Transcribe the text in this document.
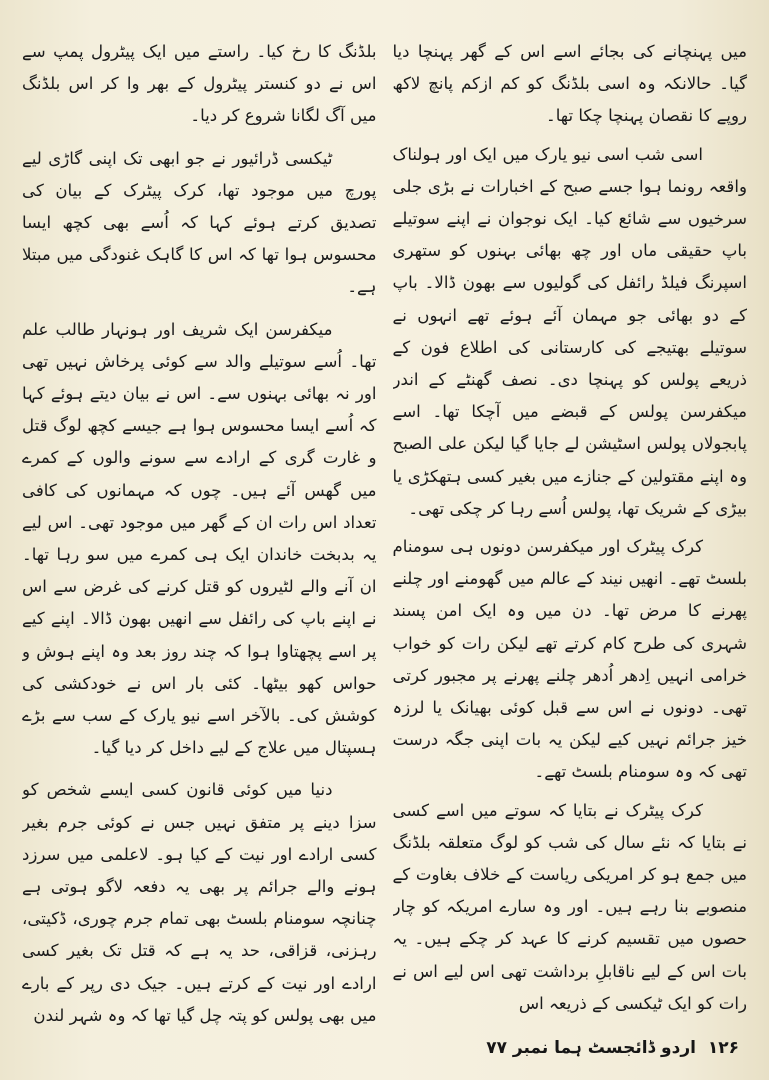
میں پہنچانے کی بجائے اسے اس کے گھر پہنچا دیا گیا۔ حالانکہ وہ اسی بلڈنگ کو کم ازکم پانچ لاکھ روپے کا نقصان پہنچا چکا تھا۔

اسی شب اسی نیو یارک میں ایک اور ہولناک واقعہ رونما ہوا جسے صبح کے اخبارات نے بڑی جلی سرخیوں سے شائع کیا۔ ایک نوجوان نے اپنے سوتیلے باپ حقیقی ماں اور چھ بھائی بہنوں کو ستھری اسپرنگ فیلڈ رائفل کی گولیوں سے بھون ڈالا۔ باپ کے دو بھائی جو مہمان آئے ہوئے تھے انہوں نے سوتیلے بھتیجے کی کارستانی کی اطلاع فون کے ذریعے پولس کو پہنچا دی۔ نصف گھنٹے کے اندر میکفرسن پولس کے قبضے میں آچکا تھا۔ اسے پابجولاں پولس اسٹیشن لے جایا گیا لیکن علی الصبح وہ اپنے مقتولین کے جنازے میں بغیر کسی ہتھکڑی یا بیڑی کے شریک تھا، پولس اُسے رہا کر چکی تھی۔

کرک پیٹرک اور میکفرسن دونوں ہی سومنام بلسٹ تھے۔ انھیں نیند کے عالم میں گھومنے اور چلنے پھرنے کا مرض تھا۔ دن میں وہ ایک امن پسند شہری کی طرح کام کرتے تھے لیکن رات کو خواب خرامی انہیں اِدھر اُدھر چلنے پھرنے پر مجبور کرتی تھی۔ دونوں نے اس سے قبل کوئی بھیانک یا لرزہ خیز جرائم نہیں کیے لیکن یہ بات اپنی جگہ درست تھی کہ وہ سومنام بلسٹ تھے۔

کرک پیٹرک نے بتایا کہ سوتے میں اسے کسی نے بتایا کہ نئے سال کی شب کو لوگ متعلقہ بلڈنگ میں جمع ہو کر امریکی ریاست کے خلاف بغاوت کے منصوبے بنا رہے ہیں۔ اور وہ سارے امریکہ کو چار حصوں میں تقسیم کرنے کا عہد کر چکے ہیں۔ یہ بات اس کے لیے ناقابلِ برداشت تھی اس لیے اس نے رات کو ایک ٹیکسی کے ذریعہ اس

بلڈنگ کا رخ کیا۔ راستے میں ایک پیٹرول پمپ سے اس نے دو کنستر پیٹرول کے بھر وا کر اس بلڈنگ میں آگ لگانا شروع کر دیا۔

ٹیکسی ڈرائیور نے جو ابھی تک اپنی گاڑی لیے پورچ میں موجود تھا، کرک پیٹرک کے بیان کی تصدیق کرتے ہوئے کہا کہ اُسے بھی کچھ ایسا محسوس ہوا تھا کہ اس کا گاہک غنودگی میں مبتلا ہے۔

میکفرسن ایک شریف اور ہونہار طالب علم تھا۔ اُسے سوتیلے والد سے کوئی پرخاش نہیں تھی اور نہ بھائی بہنوں سے۔ اس نے بیان دیتے ہوئے کہا کہ اُسے ایسا محسوس ہوا ہے جیسے کچھ لوگ قتل و غارت گری کے ارادے سے سونے والوں کے کمرے میں گھس آئے ہیں۔ چوں کہ مہمانوں کی کافی تعداد اس رات ان کے گھر میں موجود تھی۔ اس لیے یہ بدبخت خاندان ایک ہی کمرے میں سو رہا تھا۔ ان آنے والے لٹیروں کو قتل کرنے کی غرض سے اس نے اپنے باپ کی رائفل سے انھیں بھون ڈالا۔ اپنے کیے پر اسے پچھتاوا ہوا کہ چند روز بعد وہ اپنے ہوش و حواس کھو بیٹھا۔ کئی بار اس نے خودکشی کی کوشش کی۔ بالآخر اسے نیو یارک کے سب سے بڑے ہسپتال میں علاج کے لیے داخل کر دیا گیا۔

دنیا میں کوئی قانون کسی ایسے شخص کو سزا دینے پر متفق نہیں جس نے کوئی جرم بغیر کسی ارادے اور نیت کے کیا ہو۔ لاعلمی میں سرزد ہونے والے جرائم پر بھی یہ دفعہ لاگو ہوتی ہے چنانچہ سومنام بلسٹ بھی تمام جرم چوری، ڈکیتی، رہزنی، قزاقی، حد یہ ہے کہ قتل تک بغیر کسی ارادے اور نیت کے کرتے ہیں۔ جیک دی رپر کے بارے میں بھی پولس کو پتہ چل گیا تھا کہ وہ شہر لندن

۱۲۶ اردو ڈائجسٹ ہما نمبر ۷۷
